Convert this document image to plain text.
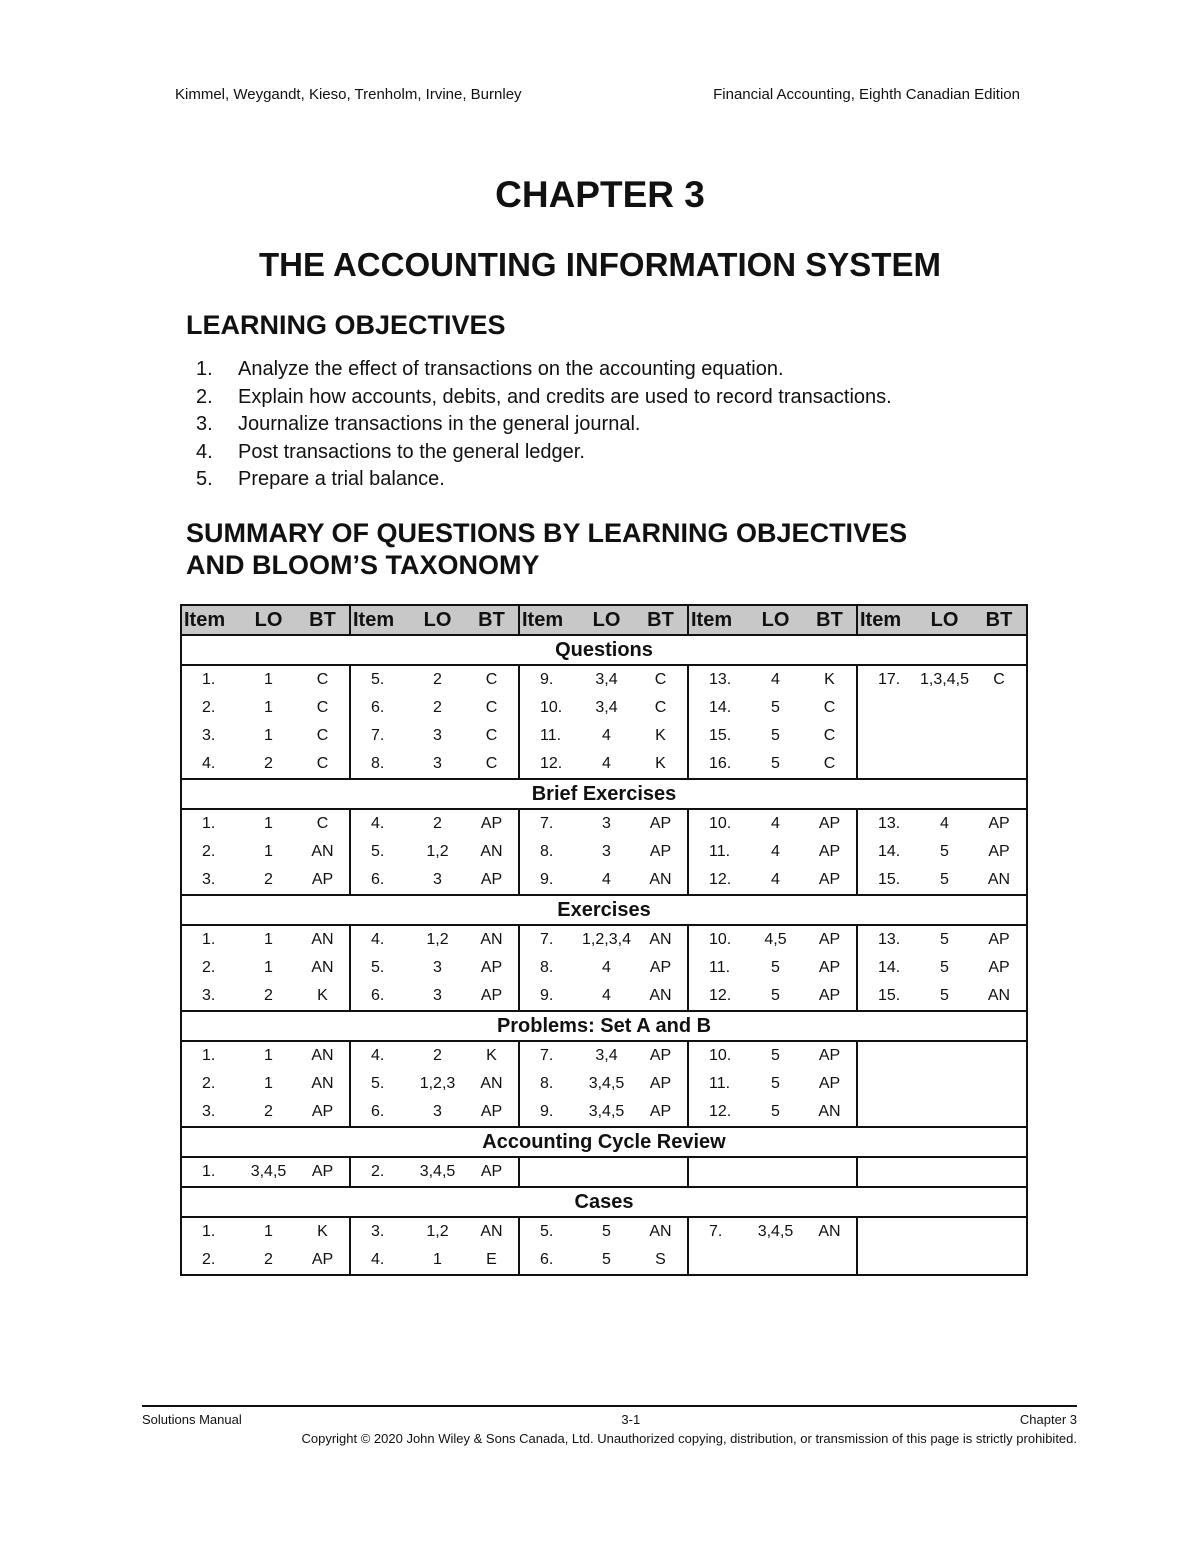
Kimmel, Weygandt, Kieso, Trenholm, Irvine, Burnley	Financial Accounting, Eighth Canadian Edition
CHAPTER 3
THE ACCOUNTING INFORMATION SYSTEM
LEARNING OBJECTIVES
1.	Analyze the effect of transactions on the accounting equation.
2.	Explain how accounts, debits, and credits are used to record transactions.
3.	Journalize transactions in the general journal.
4.	Post transactions to the general ledger.
5.	Prepare a trial balance.
SUMMARY OF QUESTIONS BY LEARNING OBJECTIVES
AND BLOOM’S TAXONOMY
Item	LO	BT	Item	LO	BT	Item	LO	BT	Item	LO	BT	Item	LO	BT
Questions														
1.	1	C	5.	2	C	9.	3,4	C	13.	4	K	17.	1,3,4,5	C
2.	1	C	6.	2	C	10.	3,4	C	14.	5	C			
3.	1	C	7.	3	C	11.	4	K	15.	5	C			
4.	2	C	8.	3	C	12.	4	K	16.	5	C			
Brief Exercises														
1.	1	C	4.	2	AP	7.	3	AP	10.	4	AP	13.	4	AP
2.	1	AN	5.	1,2	AN	8.	3	AP	11.	4	AP	14.	5	AP
3.	2	AP	6.	3	AP	9.	4	AN	12.	4	AP	15.	5	AN
Exercises														
1.	1	AN	4.	1,2	AN	7.	1,2,3,4	AN	10.	4,5	AP	13.	5	AP
2.	1	AN	5.	3	AP	8.	4	AP	11.	5	AP	14.	5	AP
3.	2	K	6.	3	AP	9.	4	AN	12.	5	AP	15.	5	AN
Problems: Set A and B														
1.	1	AN	4.	2	K	7.	3,4	AP	10.	5	AP			
2.	1	AN	5.	1,2,3	AN	8.	3,4,5	AP	11.	5	AP			
3.	2	AP	6.	3	AP	9.	3,4,5	AP	12.	5	AN			
Accounting Cycle Review														
1.	3,4,5	AP	2.	3,4,5	AP									
Cases														
1.	1	K	3.	1,2	AN	5.	5	AN	7.	3,4,5	AN			
2.	2	AP	4.	1	E	6.	5	S						
Solutions Manual	3-1	Chapter 3
Copyright © 2020 John Wiley & Sons Canada, Ltd. Unauthorized copying, distribution, or transmission of this page is strictly prohibited.
